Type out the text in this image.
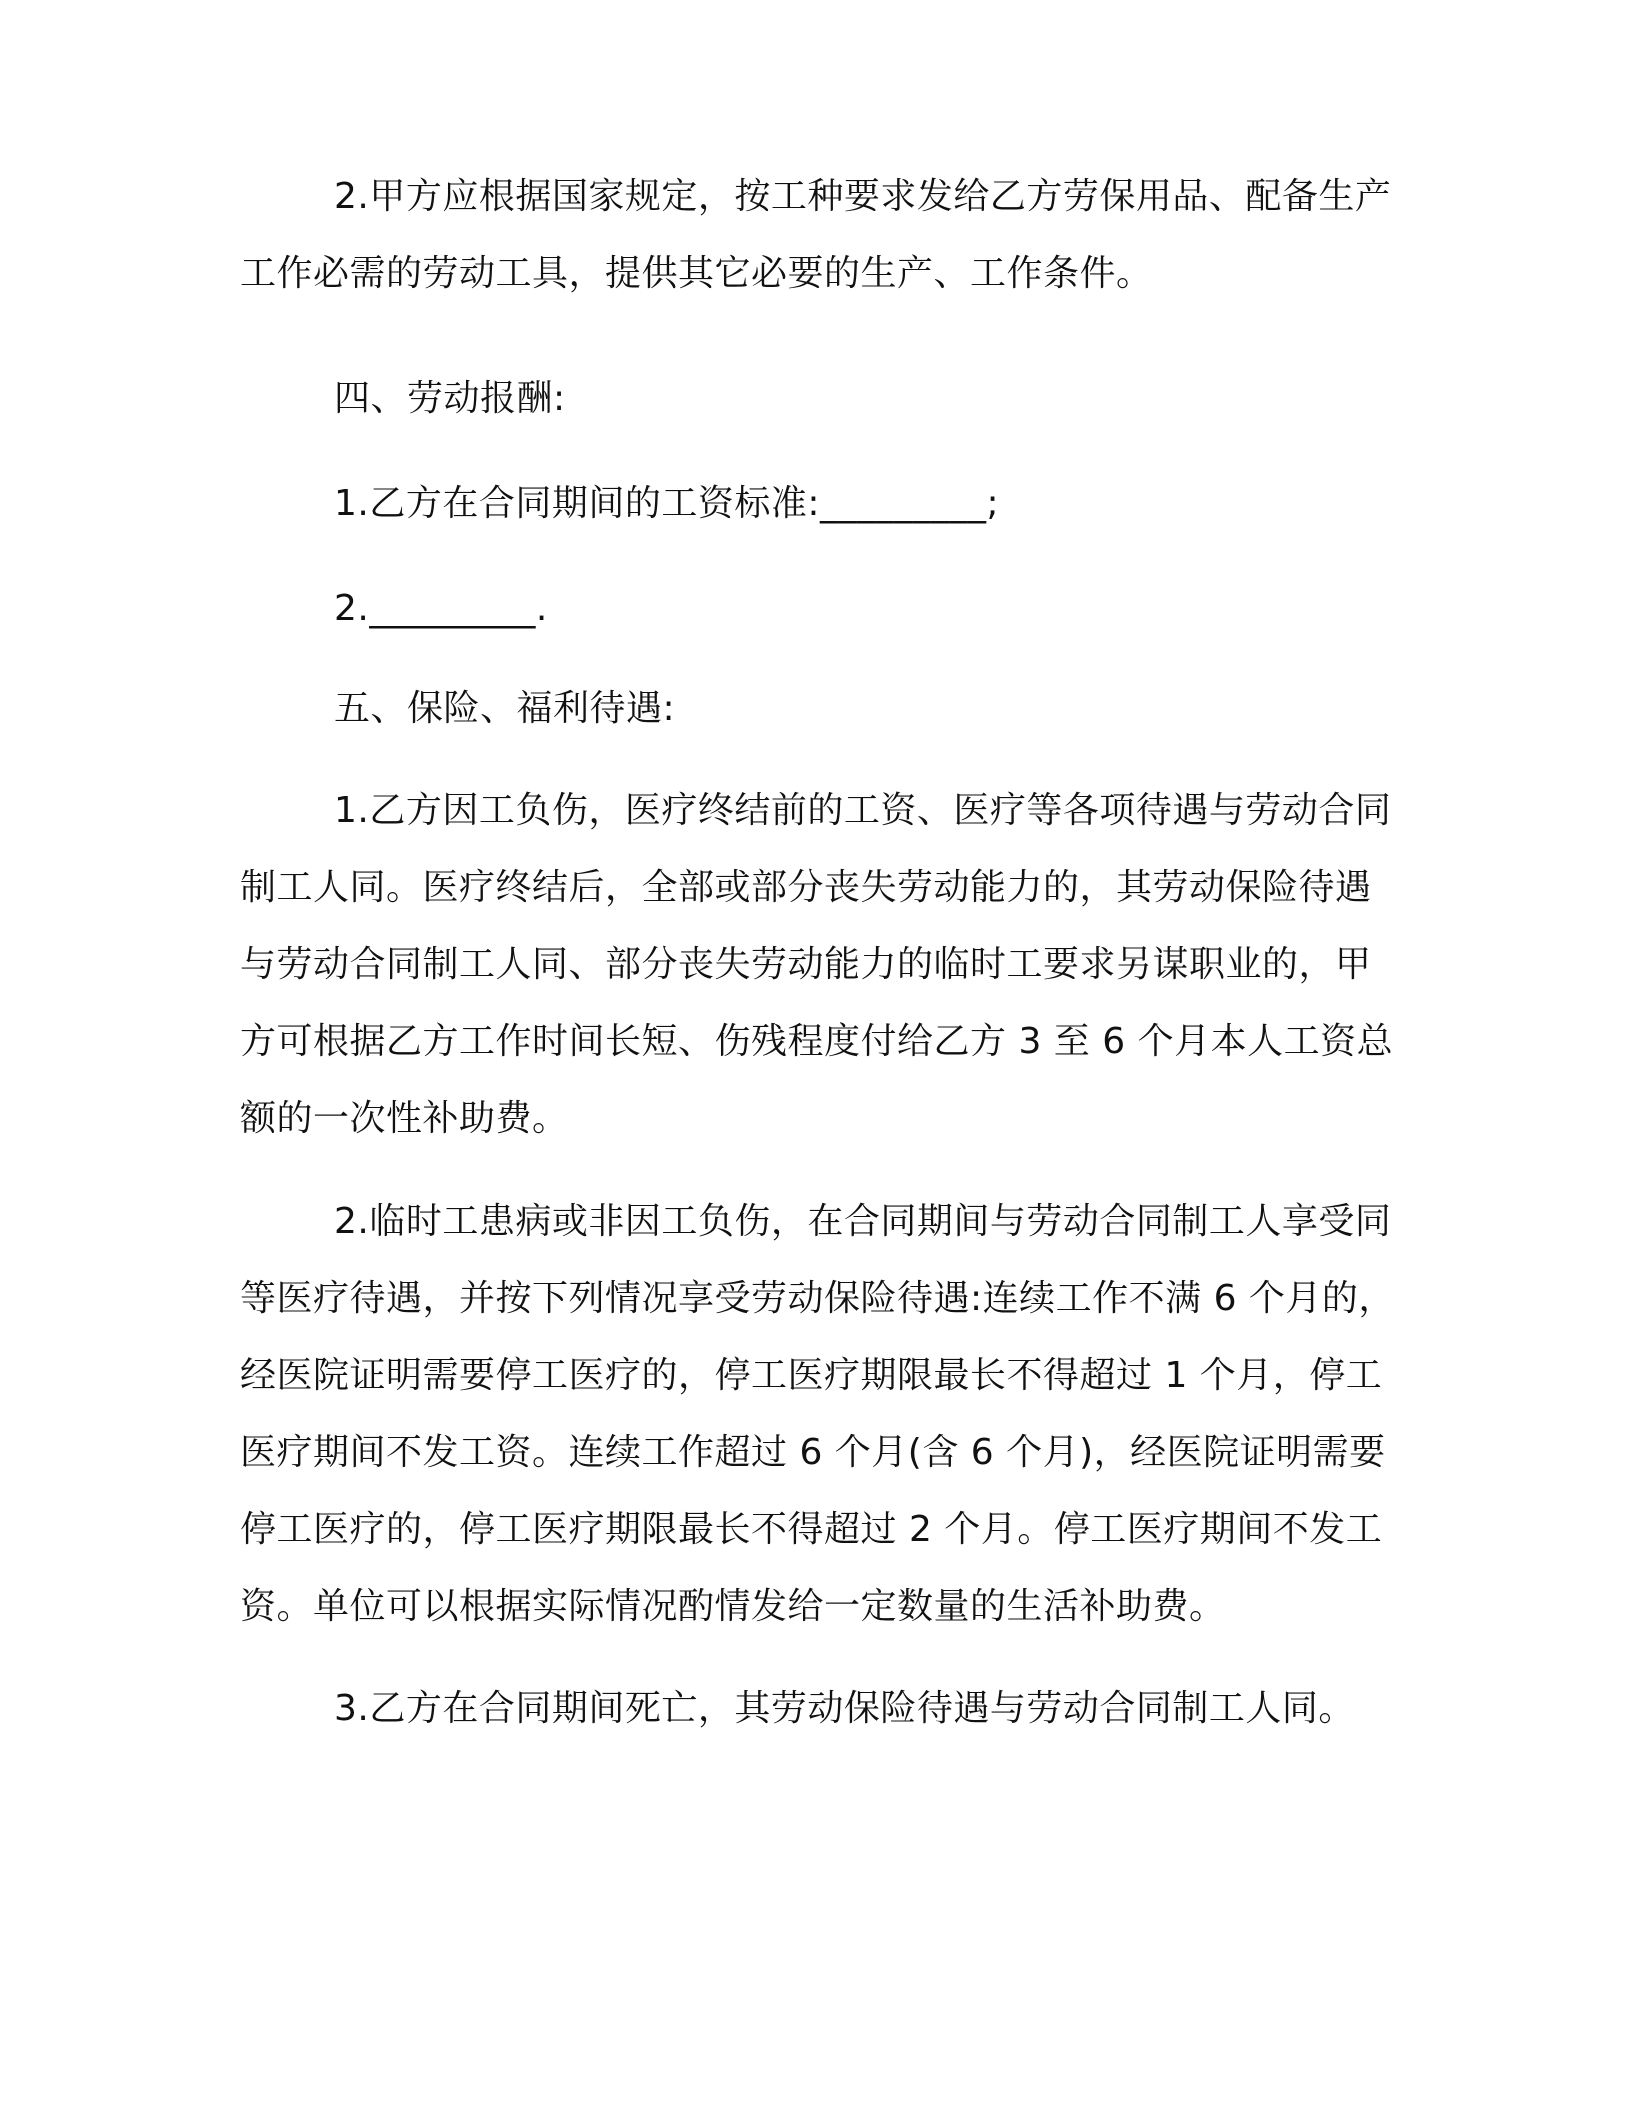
2.甲方应根据国家规定，按工种要求发给乙方劳保用品、配备生产工作必需的劳动工具，提供其它必要的生产、工作条件。

四、劳动报酬:

1.乙方在合同期间的工资标准:_________;

2._________.

五、保险、福利待遇:

1.乙方因工负伤，医疗终结前的工资、医疗等各项待遇与劳动合同制工人同。医疗终结后，全部或部分丧失劳动能力的，其劳动保险待遇与劳动合同制工人同、部分丧失劳动能力的临时工要求另谋职业的，甲方可根据乙方工作时间长短、伤残程度付给乙方 3 至 6 个月本人工资总额的一次性补助费。

2.临时工患病或非因工负伤，在合同期间与劳动合同制工人享受同等医疗待遇，并按下列情况享受劳动保险待遇:连续工作不满 6 个月的，经医院证明需要停工医疗的，停工医疗期限最长不得超过 1 个月，停工医疗期间不发工资。连续工作超过 6 个月(含 6 个月)，经医院证明需要停工医疗的，停工医疗期限最长不得超过 2 个月。停工医疗期间不发工资。单位可以根据实际情况酌情发给一定数量的生活补助费。

3.乙方在合同期间死亡，其劳动保险待遇与劳动合同制工人同。
